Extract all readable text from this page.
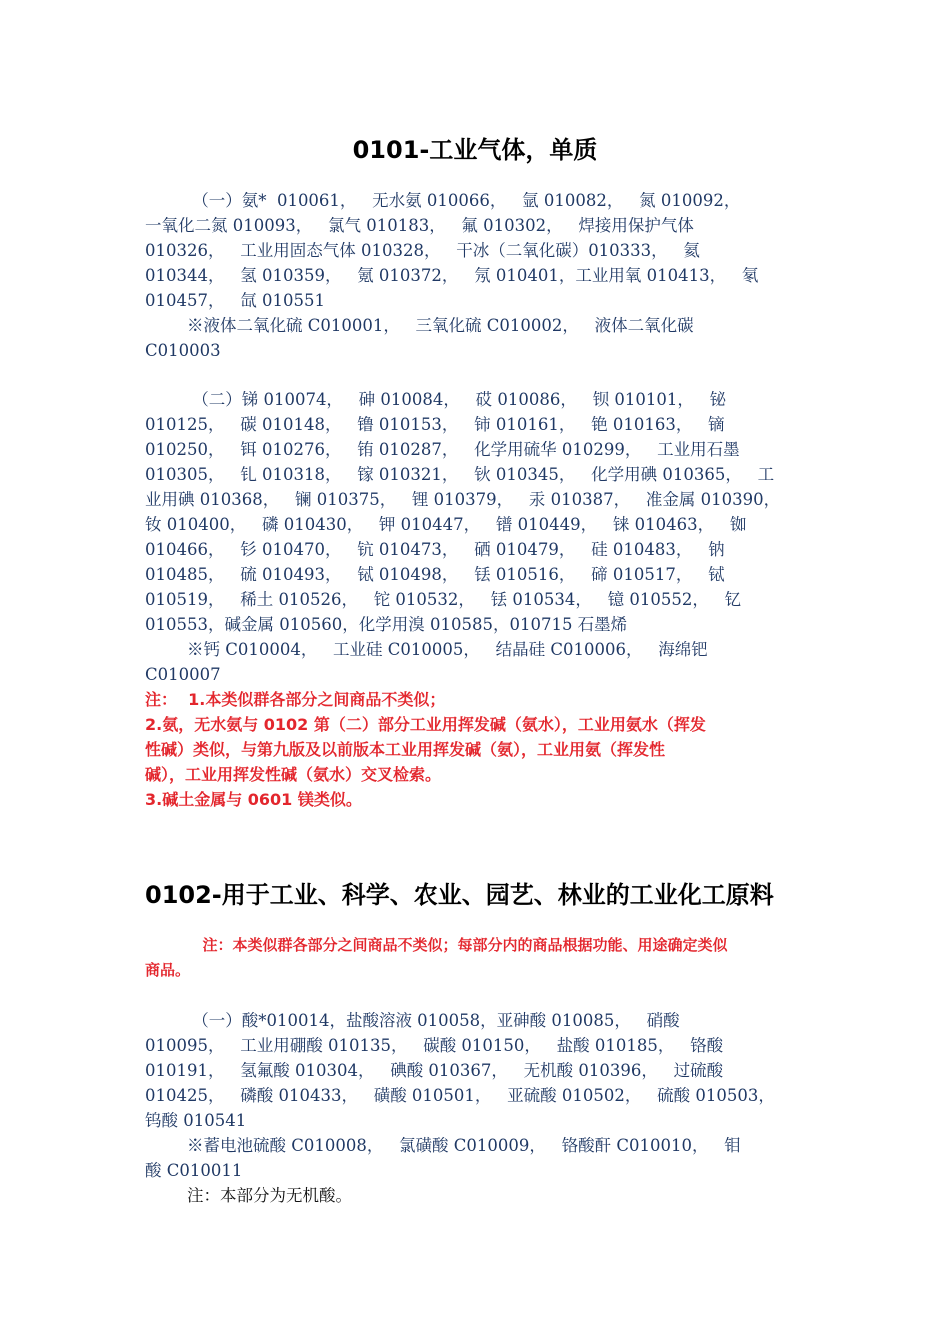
0101-工业气体，单质
（一）氨*  010061，   无水氨 010066，   氩 010082，   氮 010092，
一氧化二氮 010093，   氯气 010183，   氟 010302，   焊接用保护气体
010326，   工业用固态气体 010328，   干冰（二氧化碳）010333，   氦
010344，   氢 010359，   氪 010372，   氖 010401，工业用氧 010413，   氡
010457，   氙 010551
※液体二氧化硫 C010001，   三氧化硫 C010002，   液体二氧化碳
C010003
（二）锑 010074，   砷 010084，   砹 010086，   钡 010101，   铋
010125，   碳 010148，   镥 010153，   铈 010161，   铯 010163，   镝
010250，   铒 010276，   铕 010287，   化学用硫华 010299，   工业用石墨
010305，   钆 010318，   镓 010321，   钬 010345，   化学用碘 010365，   工
业用碘 010368，   镧 010375，   锂 010379，   汞 010387，   准金属 010390，
钕 010400，   磷 010430，   钾 010447，   镨 010449，   铼 010463，   铷
010466，   钐 010470，   钪 010473，   硒 010479，   硅 010483，   钠
010485，   硫 010493，   铽 010498，   铥 010516，   碲 010517，   铽
010519，   稀土 010526，   铊 010532，   铥 010534，   镱 010552，   钇
010553，碱金属 010560，化学用溴 010585，010715 石墨烯
※钙 C010004，   工业硅 C010005，   结晶硅 C010006，   海绵钯
C010007
注：  1.本类似群各部分之间商品不类似；
2.氨，无水氨与 0102 第（二）部分工业用挥发碱（氨水），工业用氨水（挥发
性碱）类似，与第九版及以前版本工业用挥发碱（氨），工业用氨（挥发性
碱），工业用挥发性碱（氨水）交叉检索。
3.碱土金属与 0601 镁类似。
0102-用于工业、科学、农业、园艺、林业的工业化工原料
注：本类似群各部分之间商品不类似；每部分内的商品根据功能、用途确定类似
商品。
（一）酸*010014，盐酸溶液 010058，亚砷酸 010085，   硝酸
010095，   工业用硼酸 010135，   碳酸 010150，   盐酸 010185，   铬酸
010191，   氢氟酸 010304，   碘酸 010367，   无机酸 010396，   过硫酸
010425，   磷酸 010433，   磺酸 010501，   亚硫酸 010502，   硫酸 010503，
钨酸 010541
※蓄电池硫酸 C010008，   氯磺酸 C010009，   铬酸酐 C010010，   钼
酸 C010011
注：本部分为无机酸。
